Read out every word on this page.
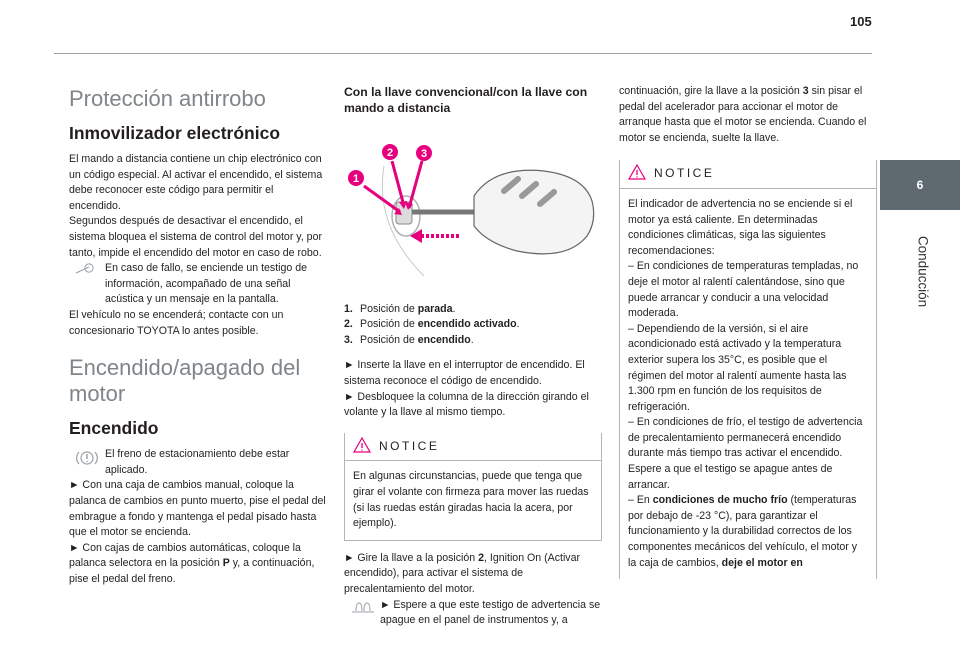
105
6
Conducción
Protección antirrobo
Inmovilizador electrónico

El mando a distancia contiene un chip electrónico con un código especial. Al activar el encendido, el sistema debe reconocer este código para permitir el encendido.

Segundos después de desactivar el encendido, el sistema bloquea el sistema de control del motor y, por tanto, impide el encendido del motor en caso de robo.

En caso de fallo, se enciende un testigo de información, acompañado de una señal acústica y un mensaje en la pantalla.

El vehículo no se encenderá; contacte con un concesionario TOYOTA lo antes posible.

Encendido/apagado del motor
Encendido

El freno de estacionamiento debe estar aplicado.

► Con una caja de cambios manual, coloque la palanca de cambios en punto muerto, pise el pedal del embrague a fondo y mantenga el pedal pisado hasta que el motor se encienda.

► Con cajas de cambios automáticas, coloque la palanca selectora en la posición P y, a continuación, pise el pedal del freno.

Con la llave convencional/con la llave con mando a distancia
1
2	3
1. Posición de parada.
2. Posición de encendido activado.
3. Posición de encendido.

► Inserte la llave en el interruptor de encendido. El sistema reconoce el código de encendido.

► Desbloquee la columna de la dirección girando el volante y la llave al mismo tiempo.

NOTICE

En algunas circunstancias, puede que tenga que girar el volante con firmeza para mover las ruedas (si las ruedas están giradas hacia la acera, por ejemplo).

► Gire la llave a la posición 2, Ignition On (Activar encendido), para activar el sistema de precalentamiento del motor.

► Espere a que este testigo de advertencia se apague en el panel de instrumentos y, a

continuación, gire la llave a la posición 3 sin pisar el pedal del acelerador para accionar el motor de arranque hasta que el motor se encienda. Cuando el motor se encienda, suelte la llave.

NOTICE

El indicador de advertencia no se enciende si el motor ya está caliente. En determinadas condiciones climáticas, siga las siguientes recomendaciones:

– En condiciones de temperaturas templadas, no deje el motor al ralentí calentándose, sino que puede arrancar y conducir a una velocidad moderada.

– Dependiendo de la versión, si el aire acondicionado está activado y la temperatura exterior supera los 35°C, es posible que el régimen del motor al ralentí aumente hasta las 1.300 rpm en función de los requisitos de refrigeración.

– En condiciones de frío, el testigo de advertencia de precalentamiento permanecerá encendido durante más tiempo tras activar el encendido. Espere a que el testigo se apague antes de arrancar.

– En condiciones de mucho frío (temperaturas por debajo de -23 °C), para garantizar el funcionamiento y la durabilidad correctos de los componentes mecánicos del vehículo, el motor y la caja de cambios, deje el motor en
